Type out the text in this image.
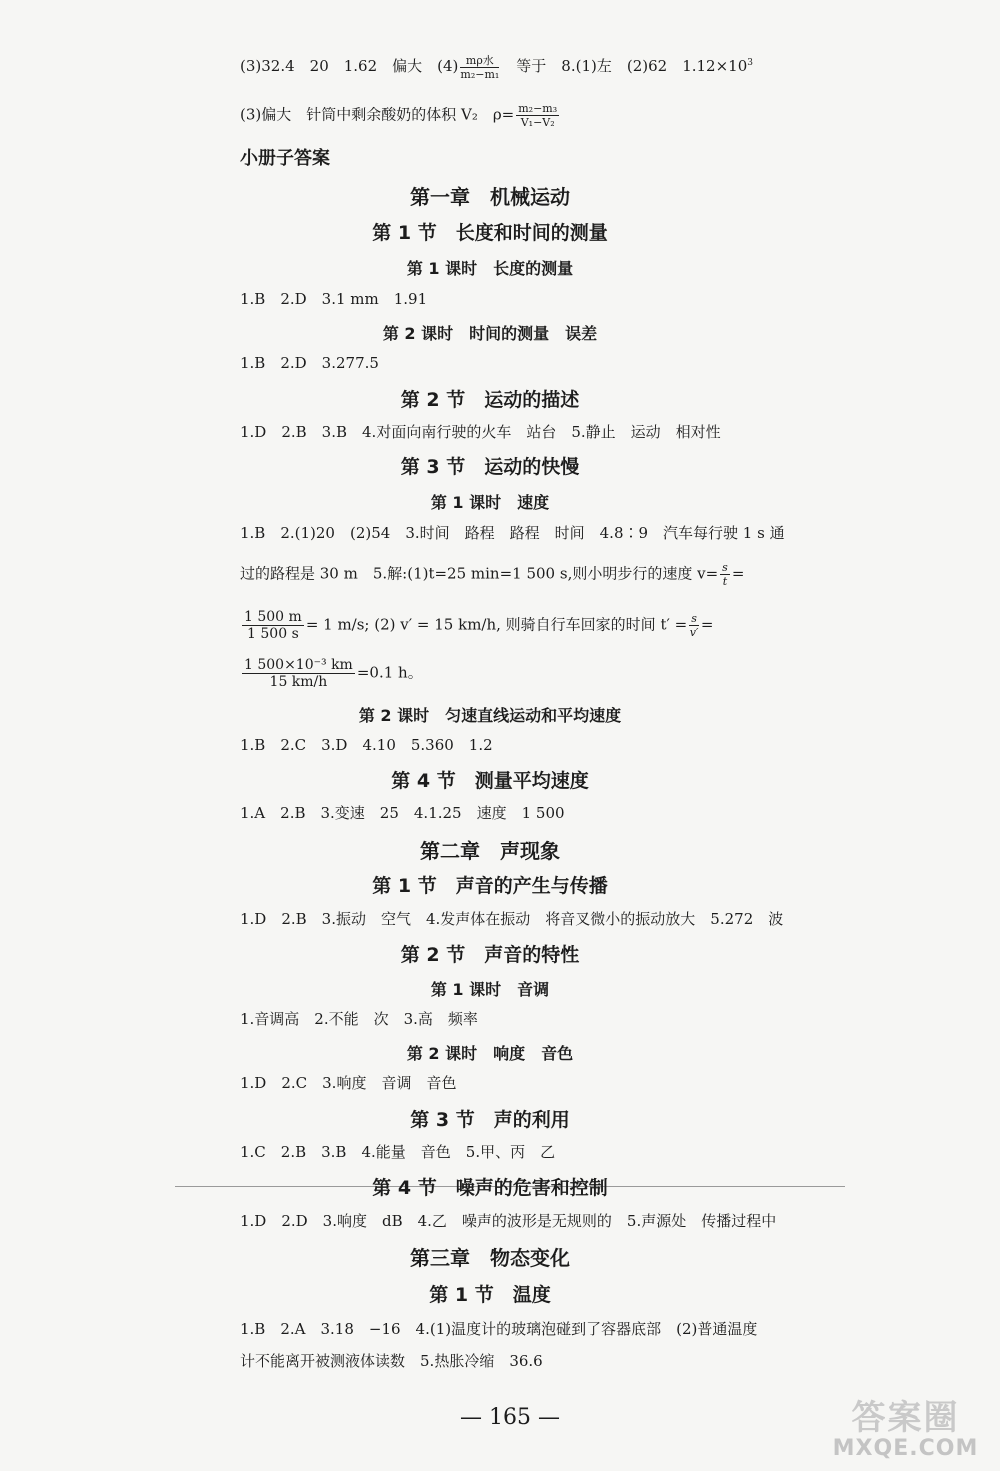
(3)32.4　20　1.62　偏大　$(4) \frac{\text{mρ水}}{\text{m₂−m₁}}$ 　等于　8.(1)左　(2)62　$1.12\times 10^3$
(3)偏大　针筒中剩余酸奶的体积 V₂　$\rho= \frac{\text{m₂−m₃}}{\text{V₁−V₂}}$
小册子答案
第一章　机械运动
第 1 节　长度和时间的测量
第 1 课时　长度的测量
1.B　2.D　3.1 mm　1.91
第 2 课时　时间的测量　误差
1.B　2.D　3.277.5
第 2 节　运动的描述
1.D　2.B　3.B　4.对面向南行驶的火车　站台　5.静止　运动　相对性
第 3 节　运动的快慢
第 1 课时　速度
1.B　2.(1)20　(2)54　3.时间　路程　路程　时间　4.8∶9　汽车每行驶 1 s 通
过的路程是 30 m　5.解:(1)t=25 min=1 500 s,则小明步行的速度 $v= \frac{s}{t}$ =
$\frac{1 500 m}{1 500 s} = 1$ m/s; (2) v′ = 15 km/h, 则骑自行车回家的时间 $t' = \frac{s}{v'}$ =
$\frac{\text{1 500×10⁻³ km}}{15 km/h} =0.1$ h。
第 2 课时　匀速直线运动和平均速度
1.B　2.C　3.D　4.10　5.360　1.2
第 4 节　测量平均速度
1.A　2.B　3.变速　25　4.1.25　速度　1 500
第二章　声现象
第 1 节　声音的产生与传播
1.D　2.B　3.振动　空气　4.发声体在振动　将音叉微小的振动放大　5.272　波
第 2 节　声音的特性
第 1 课时　音调
1.音调高　2.不能　次　3.高　频率
第 2 课时　响度　音色
1.D　2.C　3.响度　音调　音色
第 3 节　声的利用
1.C　2.B　3.B　4.能量　音色　5.甲、丙　乙
第 4 节　噪声的危害和控制
1.D　2.D　3.响度　dB　4.乙　噪声的波形是无规则的　5.声源处　传播过程中
第三章　物态变化
第 1 节　温度
1.B　2.A　3.18　−16　4.(1)温度计的玻璃泡碰到了容器底部　(2)普通温度
计不能离开被测液体读数　5.热胀冷缩　36.6
— 165 —	答案圈
MXQE.COM
